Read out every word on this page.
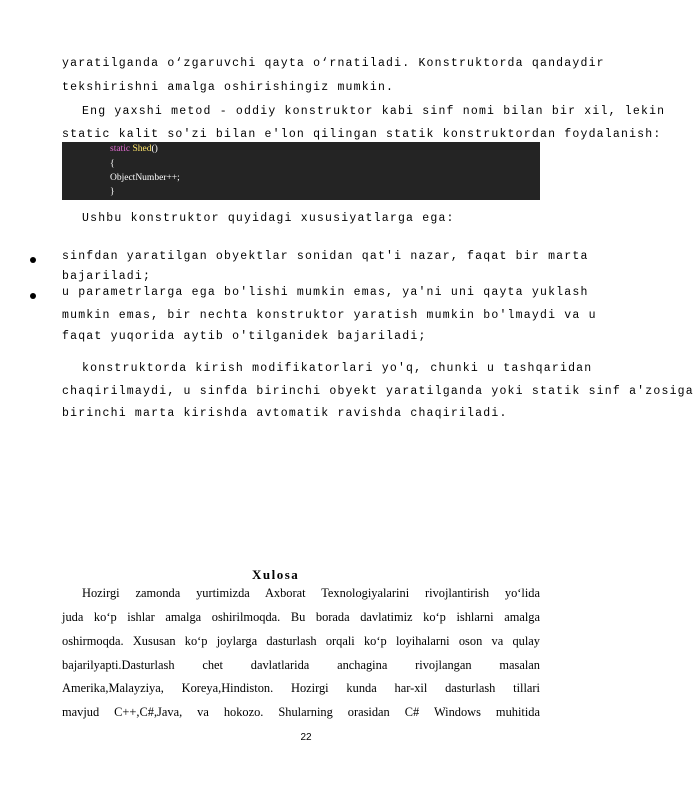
yaratilganda o‘zgaruvchi qayta o‘rnatiladi. Konstruktorda qandaydir
tekshirishni amalga oshirishingiz mumkin.
Eng yaxshi metod - oddiy konstruktor kabi sinf nomi bilan bir xil, lekin
static kalit so'zi bilan e'lon qilingan statik konstruktordan foydalanish:
static Shed()
{
ObjectNumber++;
}
Ushbu konstruktor quyidagi xususiyatlarga ega:
sinfdan yaratilgan obyektlar sonidan qat'i nazar, faqat bir marta
bajariladi;
u parametrlarga ega bo'lishi mumkin emas, ya'ni uni qayta yuklash
mumkin emas, bir nechta konstruktor yaratish mumkin bo'lmaydi va u
faqat yuqorida aytib o'tilganidek bajariladi;
konstruktorda kirish modifikatorlari yo'q, chunki u tashqaridan
chaqirilmaydi, u sinfda birinchi obyekt yaratilganda yoki statik sinf a'zosiga
birinchi marta kirishda avtomatik ravishda chaqiriladi.
Xulosa
Hozirgi zamonda yurtimizda Axborat Texnologiyalarini rivojlantirish yo‘lida
juda ko‘p ishlar amalga oshirilmoqda. Bu borada davlatimiz ko‘p ishlarni amalga
oshirmoqda. Xususan ko‘p joylarga dasturlash orqali ko‘p loyihalarni oson va qulay
bajarilyapti.Dasturlash chet davlatlarida anchagina rivojlangan masalan
Amerika,Malayziya, Koreya,Hindiston. Hozirgi kunda har-xil dasturlash tillari
mavjud C++,C#,Java, va hokozo. Shularning orasidan C# Windows muhitida
22
